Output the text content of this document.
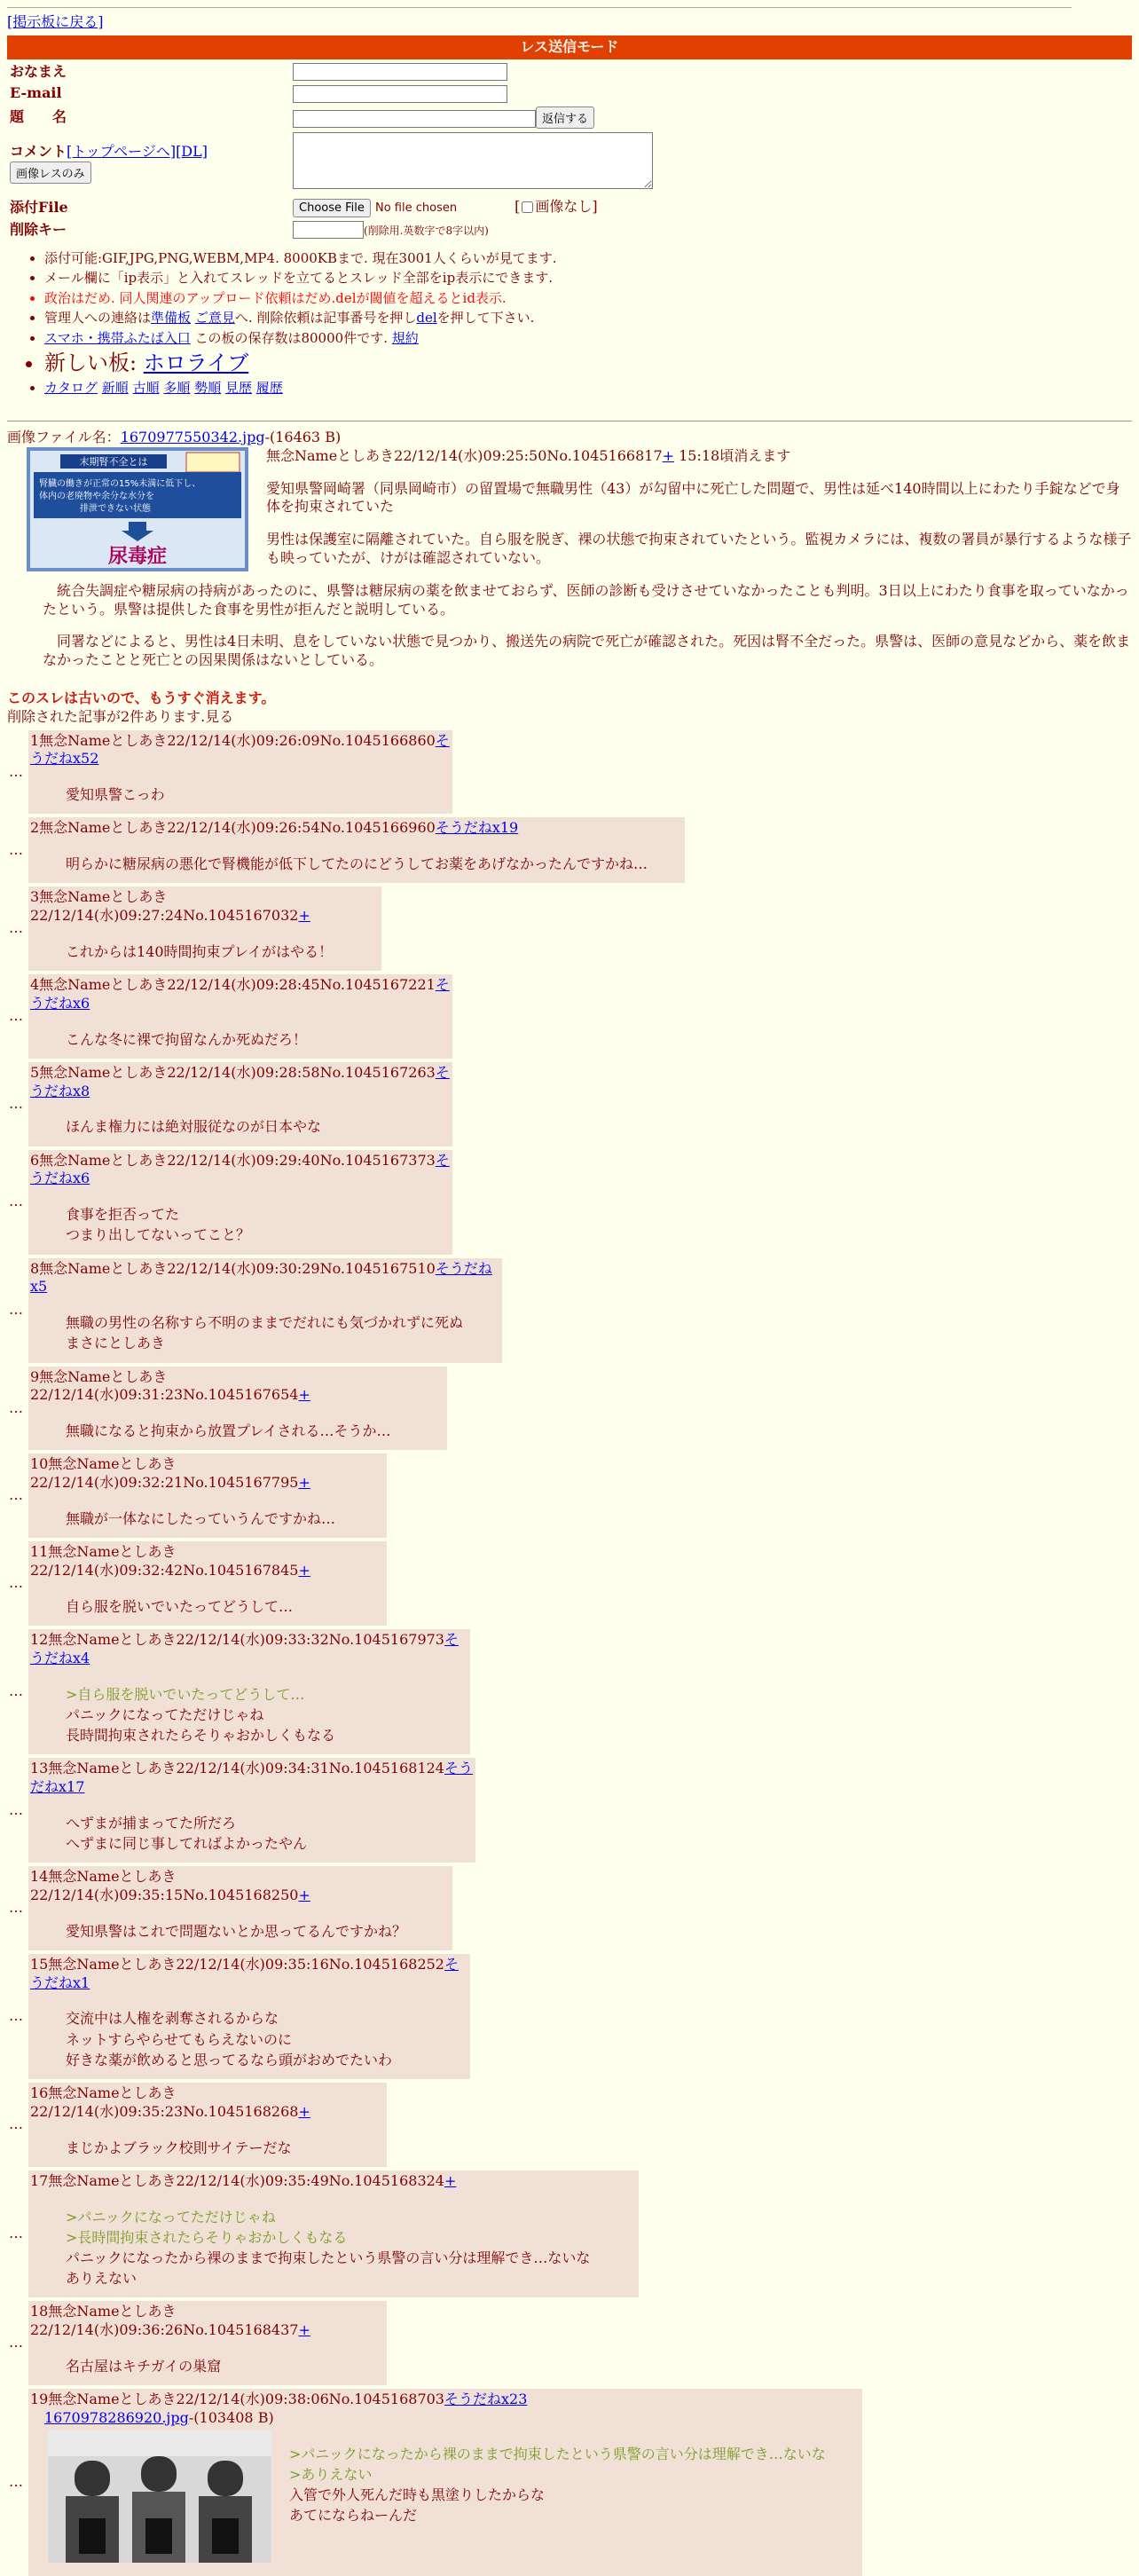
[掲示板に戻る]
レス送信モード
おなまえ	
E-mail	
題　　名	返信する
コメント[トップページへ][DL]画像レスのみ	
添付File	Choose File No file chosen [ 画像なし]
削除キー	(削除用.英数字で8字以内)
• 添付可能:GIF,JPG,PNG,WEBM,MP4. 8000KBまで. 現在3001人くらいが見てます.
• メール欄に「ip表示」と入れてスレッドを立てるとスレッド全部をip表示にできます.
• 政治はだめ. 同人関連のアップロード依頼はだめ.delが閾値を超えるとid表示.
• 管理人への連絡は準備板 ご意見へ. 削除依頼は記事番号を押しdelを押して下さい.
• スマホ・携帯ふたば入口 この板の保存数は80000件です. 規約
• 新しい板: ホロライブ
• カタログ 新順 古順 多順 勢順 見歴 履歴
画像ファイル名：1670977550342.jpg-(16463 B)
末期腎不全とは
腎臓の働きが正常の15%未満に低下し、
体内の老廃物や余分な水分を
排泄できない状態
尿毒症
無念Nameとしあき22/12/14(水)09:25:50No.1045166817+ 15:18頃消えます

愛知県警岡崎署（同県岡崎市）の留置場で無職男性（43）が勾留中に死亡した問題で、男性は延べ140時間以上にわたり手錠などで身体を拘束されていた

男性は保護室に隔離されていた。自ら服を脱ぎ、裸の状態で拘束されていたという。監視カメラには、複数の署員が暴行するような様子も映っていたが、けがは確認されていない。

　統合失調症や糖尿病の持病があったのに、県警は糖尿病の薬を飲ませておらず、医師の診断も受けさせていなかったことも判明。3日以上にわたり食事を取っていなかったという。県警は提供した食事を男性が拒んだと説明している。

　同署などによると、男性は4日未明、息をしていない状態で見つかり、搬送先の病院で死亡が確認された。死因は腎不全だった。県警は、医師の意見などから、薬を飲まなかったことと死亡との因果関係はないとしている。

このスレは古いので、もうすぐ消えます。
削除された記事が2件あります.見る
…
1無念Nameとしあき22/12/14(水)09:26:09No.1045166860そうだねx52
愛知県警こっわ
…
2無念Nameとしあき22/12/14(水)09:26:54No.1045166960そうだねx19
明らかに糖尿病の悪化で腎機能が低下してたのにどうしてお薬をあげなかったんですかね…
…
3無念Nameとしあき22/12/14(水)09:27:24No.1045167032+
これからは140時間拘束プレイがはやる！
…
4無念Nameとしあき22/12/14(水)09:28:45No.1045167221そうだねx6
こんな冬に裸で拘留なんか死ぬだろ！
…
5無念Nameとしあき22/12/14(水)09:28:58No.1045167263そうだねx8
ほんま権力には絶対服従なのが日本やな
…
6無念Nameとしあき22/12/14(水)09:29:40No.1045167373そうだねx6
食事を拒否ってた
つまり出してないってこと？
…
8無念Nameとしあき22/12/14(水)09:30:29No.1045167510そうだねx5
無職の男性の名称すら不明のままでだれにも気づかれずに死ぬ
まさにとしあき
…
9無念Nameとしあき22/12/14(水)09:31:23No.1045167654+
無職になると拘束から放置プレイされる…そうか…
…
10無念Nameとしあき22/12/14(水)09:32:21No.1045167795+
無職が一体なにしたっていうんですかね…
…
11無念Nameとしあき22/12/14(水)09:32:42No.1045167845+
自ら服を脱いでいたってどうして…
…
12無念Nameとしあき22/12/14(水)09:33:32No.1045167973そうだねx4
>自ら服を脱いでいたってどうして…
パニックになってただけじゃね
長時間拘束されたらそりゃおかしくもなる
…
13無念Nameとしあき22/12/14(水)09:34:31No.1045168124そうだねx17
へずまが捕まってた所だろ
へずまに同じ事してればよかったやん
…
14無念Nameとしあき22/12/14(水)09:35:15No.1045168250+
愛知県警はこれで問題ないとか思ってるんですかね？
…
15無念Nameとしあき22/12/14(水)09:35:16No.1045168252そうだねx1
交流中は人権を剥奪されるからな
ネットすらやらせてもらえないのに
好きな薬が飲めると思ってるなら頭がおめでたいわ
…
16無念Nameとしあき22/12/14(水)09:35:23No.1045168268+
まじかよブラック校則サイテーだな
…
17無念Nameとしあき22/12/14(水)09:35:49No.1045168324+
>パニックになってただけじゃね
>長時間拘束されたらそりゃおかしくもなる
パニックになったから裸のままで拘束したという県警の言い分は理解でき…ないな
ありえない
…
18無念Nameとしあき22/12/14(水)09:36:26No.1045168437+
名古屋はキチガイの巣窟
…
19無念Nameとしあき22/12/14(水)09:38:06No.1045168703そうだねx23
1670978286920.jpg-(103408 B)
>パニックになったから裸のままで拘束したという県警の言い分は理解でき…ないな
>ありえない
入管で外人死んだ時も黒塗りしたからな
あてにならねーんだ
